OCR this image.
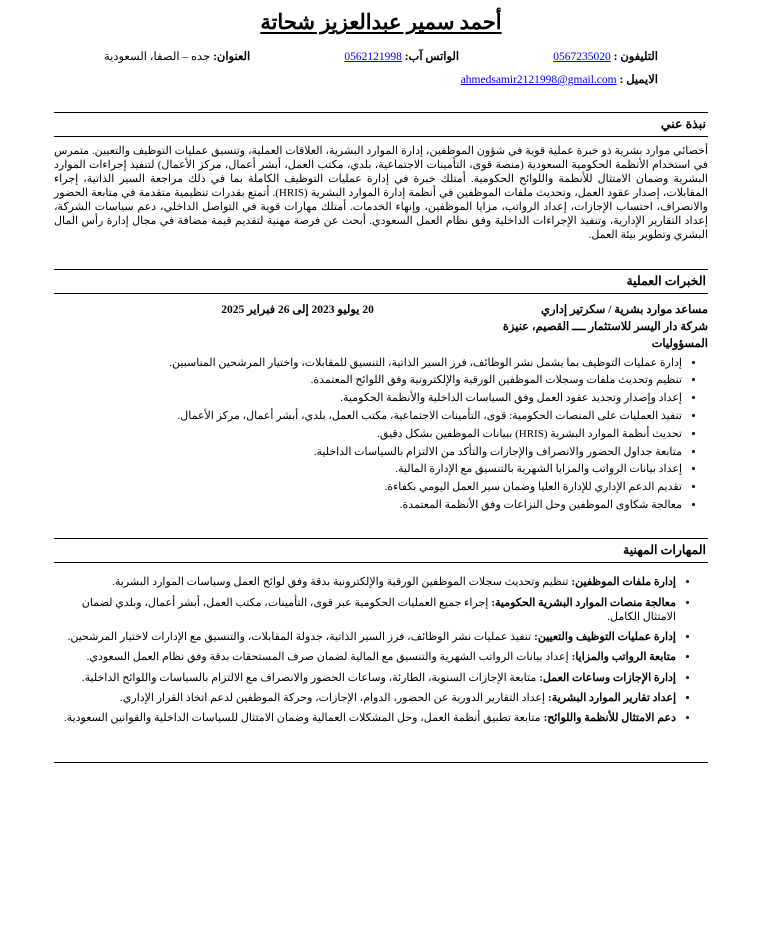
أحمد سمير عبدالعزيز شحاتة
التليفون : 0567235020
الواتس آب: 0562121998
العنوان: جده – الصفا، السعودية
الايميل : ahmedsamir2121998@gmail.com
نبذة عني

أخصائي موارد بشرية ذو خبرة عملية قوية في شؤون الموظفين، إدارة الموارد البشرية، العلاقات العملية، وتنسيق عمليات التوظيف والتعيين. متمرس في استخدام الأنظمة الحكومية السعودية (منصة قوى، التأمينات الاجتماعية، بلدي، مكتب العمل، أبشر أعمال، مركز الأعمال) لتنفيذ إجراءات الموارد البشرية وضمان الامتثال للأنظمة واللوائح الحكومية. أمتلك خبرة في إدارة عمليات التوظيف الكاملة بما في ذلك مراجعة السير الذاتية، إجراء المقابلات، إصدار عقود العمل، وتحديث ملفات الموظفين في أنظمة إدارة الموارد البشرية (HRIS). أتمتع بقدرات تنظيمية متقدمة في متابعة الحضور والانصراف، احتساب الإجازات، إعداد الرواتب، مزايا الموظفين، وإنهاء الخدمات. أمتلك مهارات قوية في التواصل الداخلي، دعم سياسات الشركة، إعداد التقارير الإدارية، وتنفيذ الإجراءات الداخلية وفق نظام العمل السعودي. أبحث عن فرصة مهنية لتقديم قيمة مضافة في مجال إدارة رأس المال البشري وتطوير بيئة العمل.

الخبرات العملية
مساعد موارد بشرية / سكرتير إداري
20 يوليو 2023 إلى 26 فبراير 2025
شركة دار اليسر للاستثمار ــــ القصيم، عنيزة
المسؤوليات
• إدارة عمليات التوظيف بما يشمل نشر الوظائف، فرز السير الذاتية، التنسيق للمقابلات، واختيار المرشحين المناسبين.
• تنظيم وتحديث ملفات وسجلات الموظفين الورقية والإلكترونية وفق اللوائح المعتمدة.
• إعداد وإصدار وتجديد عقود العمل وفق السياسات الداخلية والأنظمة الحكومية.
• تنفيذ العمليات على المنصات الحكومية: قوى، التأمينات الاجتماعية، مكتب العمل، بلدي، أبشر أعمال، مركز الأعمال.
• تحديث أنظمة الموارد البشرية (HRIS) ببيانات الموظفين بشكل دقيق.
• متابعة جداول الحضور والانصراف والإجازات والتأكد من الالتزام بالسياسات الداخلية.
• إعداد بيانات الرواتب والمزايا الشهرية بالتنسيق مع الإدارة المالية.
• تقديم الدعم الإداري للإدارة العليا وضمان سير العمل اليومي بكفاءة.
• معالجة شكاوى الموظفين وحل النزاعات وفق الأنظمة المعتمدة.
المهارات المهنية
• إدارة ملفات الموظفين:تنظيم وتحديث سجلات الموظفين الورقية والإلكترونية بدقة وفق لوائح العمل وسياسات الموارد البشرية.
• معالجة منصات الموارد البشرية الحكومية:إجراء جميع العمليات الحكومية عبر قوى، التأمينات، مكتب العمل، أبشر أعمال، وبلدي لضمان الامتثال الكامل.
• إدارة عمليات التوظيف والتعيين:تنفيذ عمليات نشر الوظائف، فرز السير الذاتية، جدولة المقابلات، والتنسيق مع الإدارات لاختيار المرشحين.
• متابعة الرواتب والمزايا:إعداد بيانات الرواتب الشهرية والتنسيق مع المالية لضمان صرف المستحقات بدقة وفق نظام العمل السعودي.
• إدارة الإجازات وساعات العمل:متابعة الإجازات السنوية، الطارئة، وساعات الحضور والانصراف مع الالتزام بالسياسات واللوائح الداخلية.
• إعداد تقارير الموارد البشرية:إعداد التقارير الدورية عن الحضور، الدوام، الإجازات، وحركة الموظفين لدعم اتخاذ القرار الإداري.
• دعم الامتثال للأنظمة واللوائح:متابعة تطبيق أنظمة العمل، وحل المشكلات العمالية وضمان الامتثال للسياسات الداخلية والقوانين السعودية.
